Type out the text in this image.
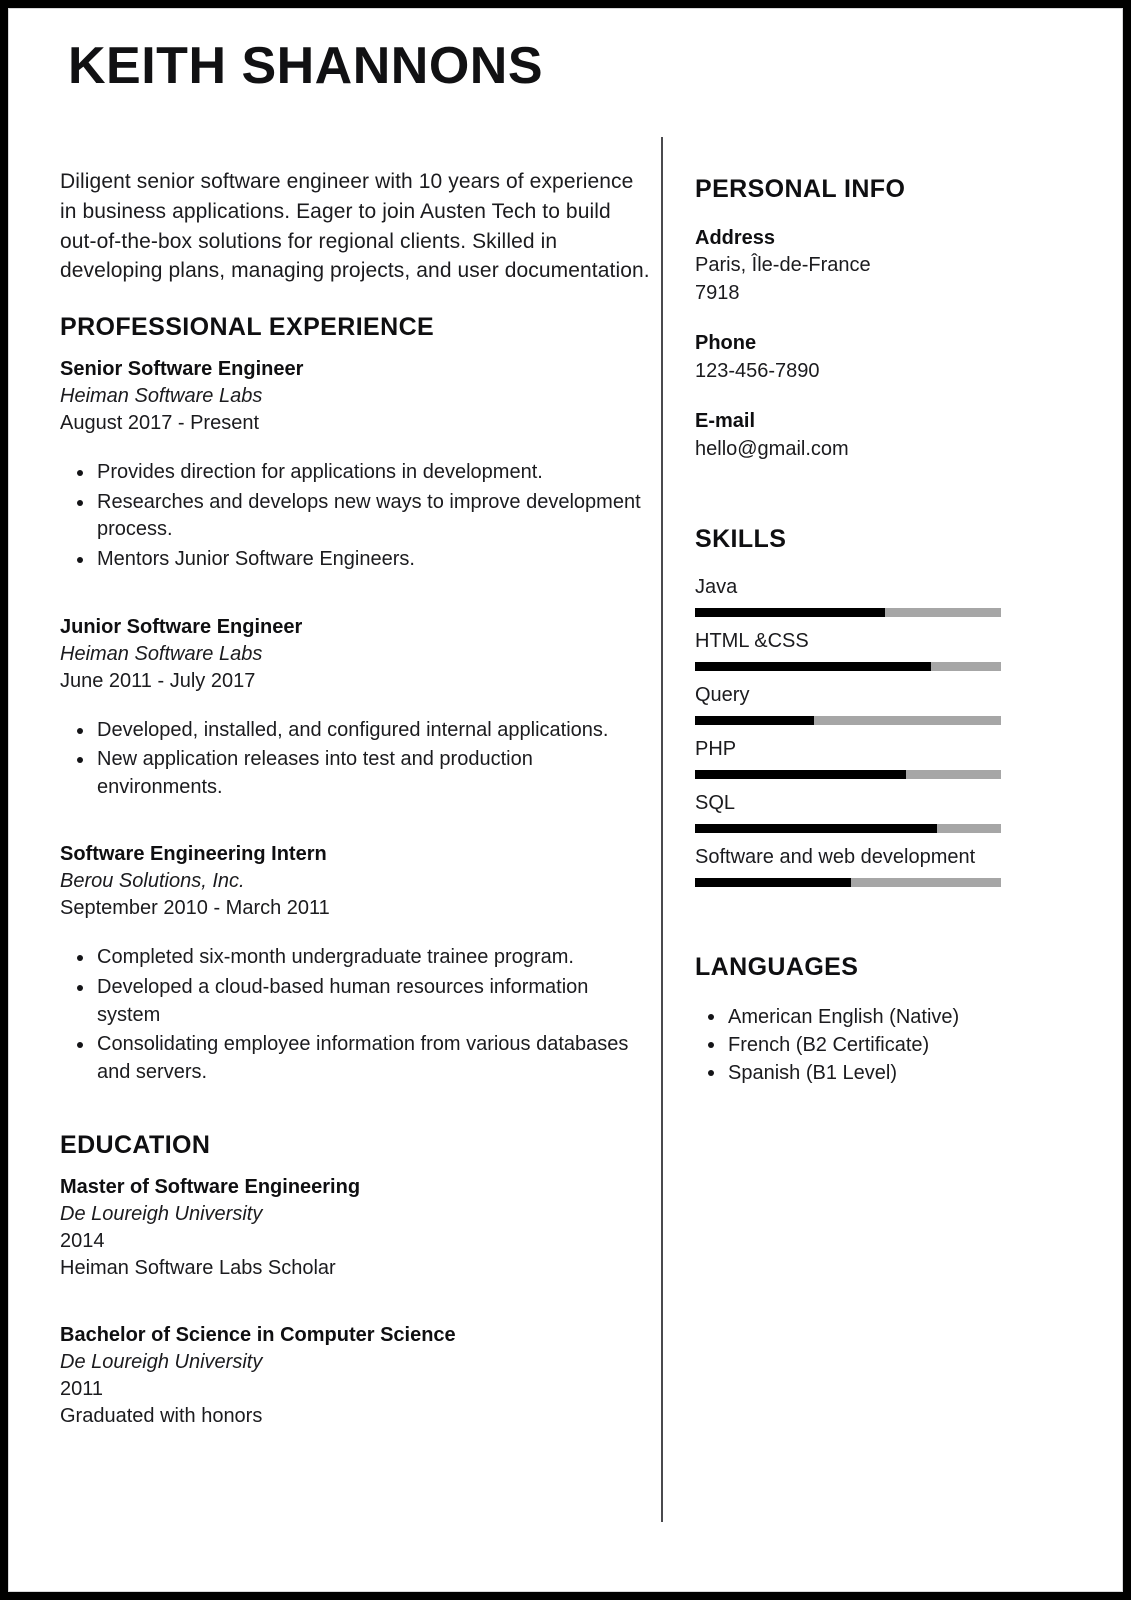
KEITH SHANNONS

Diligent senior software engineer with 10 years of experience in business applications. Eager to join Austen Tech to build out-of-the-box solutions for regional clients. Skilled in developing plans, managing projects, and user documentation.

PROFESSIONAL EXPERIENCE
Senior Software Engineer
Heiman Software Labs
August 2017 - Present
Provides direction for applications in development.
Researches and develops new ways to improve development process.
Mentors Junior Software Engineers.
Junior Software Engineer
Heiman Software Labs
June 2011 - July 2017
Developed, installed, and configured internal applications.
New application releases into test and production environments.
Software Engineering Intern
Berou Solutions, Inc.
September 2010 - March 2011
Completed six-month undergraduate trainee program.
Developed a cloud-based human resources information system
Consolidating employee information from various databases and servers.
EDUCATION
Master of Software Engineering
De Loureigh University
2014
Heiman Software Labs Scholar
Bachelor of Science in Computer Science
De Loureigh University
2011
Graduated with honors
PERSONAL INFO
Address
Paris, Île-de-France
7918
Phone
123-456-7890
E-mail
hello@gmail.com
SKILLS
Java
HTML &CSS
Query
PHP
SQL
Software and web development
LANGUAGES
American English (Native)
French (B2 Certificate)
Spanish (B1 Level)
